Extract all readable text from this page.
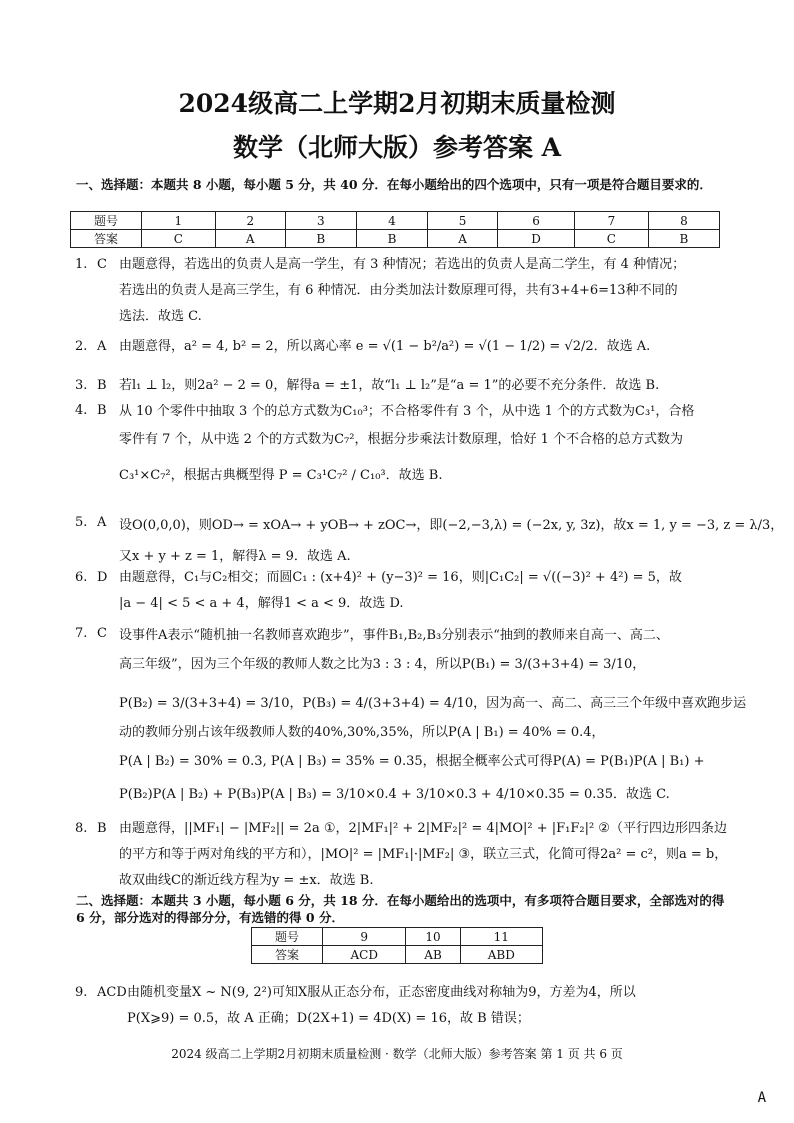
2024级高二上学期2月初期末质量检测
数学（北师大版）参考答案 A
一、选择题：本题共 8 小题，每小题 5 分，共 40 分．在每小题给出的四个选项中，只有一项是符合题目要求的．
题号	1	2	3	4	5	6	7	8
答案	C	A	B	B	A	D	C	B
1. C 由题意得，若选出的负责人是高一学生，有 3 种情况；若选出的负责人是高二学生，有 4 种情况；
若选出的负责人是高三学生，有 6 种情况．由分类加法计数原理可得，共有3+4+6=13种不同的
选法．故选 C.
2. A 由题意得，a² = 4, b² = 2，所以离心率 e = √(1 − b²/a²) = √(1 − 1/2) = √2/2．故选 A.
3. B 若l₁ ⊥ l₂，则2a² − 2 = 0，解得a = ±1，故“l₁ ⊥ l₂”是“a = 1”的必要不充分条件．故选 B.
4. B 从 10 个零件中抽取 3 个的总方式数为C₁₀³；不合格零件有 3 个，从中选 1 个的方式数为C₃¹，合格
零件有 7 个，从中选 2 个的方式数为C₇²，根据分步乘法计数原理，恰好 1 个不合格的总方式数为
C₃¹×C₇²，根据古典概型得 P = C₃¹C₇² / C₁₀³．故选 B.
5. A 设O(0,0,0)，则OD→ = xOA→ + yOB→ + zOC→，即(−2,−3,λ) = (−2x, y, 3z)，故x = 1, y = −3, z = λ/3，
又x + y + z = 1，解得λ = 9．故选 A.
6. D 由题意得，C₁与C₂相交；而圆C₁ : (x+4)² + (y−3)² = 16，则|C₁C₂| = √((−3)² + 4²) = 5，故
|a − 4| < 5 < a + 4，解得1 < a < 9．故选 D.
7. C 设事件A表示“随机抽一名教师喜欢跑步”，事件B₁,B₂,B₃分别表示“抽到的教师来自高一、高二、
高三年级”，因为三个年级的教师人数之比为3 : 3 : 4，所以P(B₁) = 3/(3+3+4) = 3/10，
P(B₂) = 3/(3+3+4) = 3/10，P(B₃) = 4/(3+3+4) = 4/10，因为高一、高二、高三三个年级中喜欢跑步运
动的教师分别占该年级教师人数的40%,30%,35%，所以P(A | B₁) = 40% = 0.4，
P(A | B₂) = 30% = 0.3, P(A | B₃) = 35% = 0.35，根据全概率公式可得P(A) = P(B₁)P(A | B₁) +
P(B₂)P(A | B₂) + P(B₃)P(A | B₃) = 3/10×0.4 + 3/10×0.3 + 4/10×0.35 = 0.35．故选 C.
8. B 由题意得，||MF₁| − |MF₂|| = 2a ①，2|MF₁|² + 2|MF₂|² = 4|MO|² + |F₁F₂|² ②（平行四边形四条边
的平方和等于两对角线的平方和），|MO|² = |MF₁|·|MF₂| ③，联立三式，化简可得2a² = c²，则a = b，
故双曲线C的渐近线方程为y = ±x．故选 B.
二、选择题：本题共 3 小题，每小题 6 分，共 18 分．在每小题给出的选项中，有多项符合题目要求，全部选对的得 6 分，部分选对的得部分分，有选错的得 0 分．
题号	9	10	11
答案	ACD	AB	ABD
9. ACD 由随机变量X ~ N(9, 2²)可知X服从正态分布，正态密度曲线对称轴为9，方差为4，所以
P(X⩾9) = 0.5，故 A 正确；D(2X+1) = 4D(X) = 16，故 B 错误；
2024 级高二上学期2月初期末质量检测 · 数学（北师大版）参考答案 第 1 页 共 6 页
A
